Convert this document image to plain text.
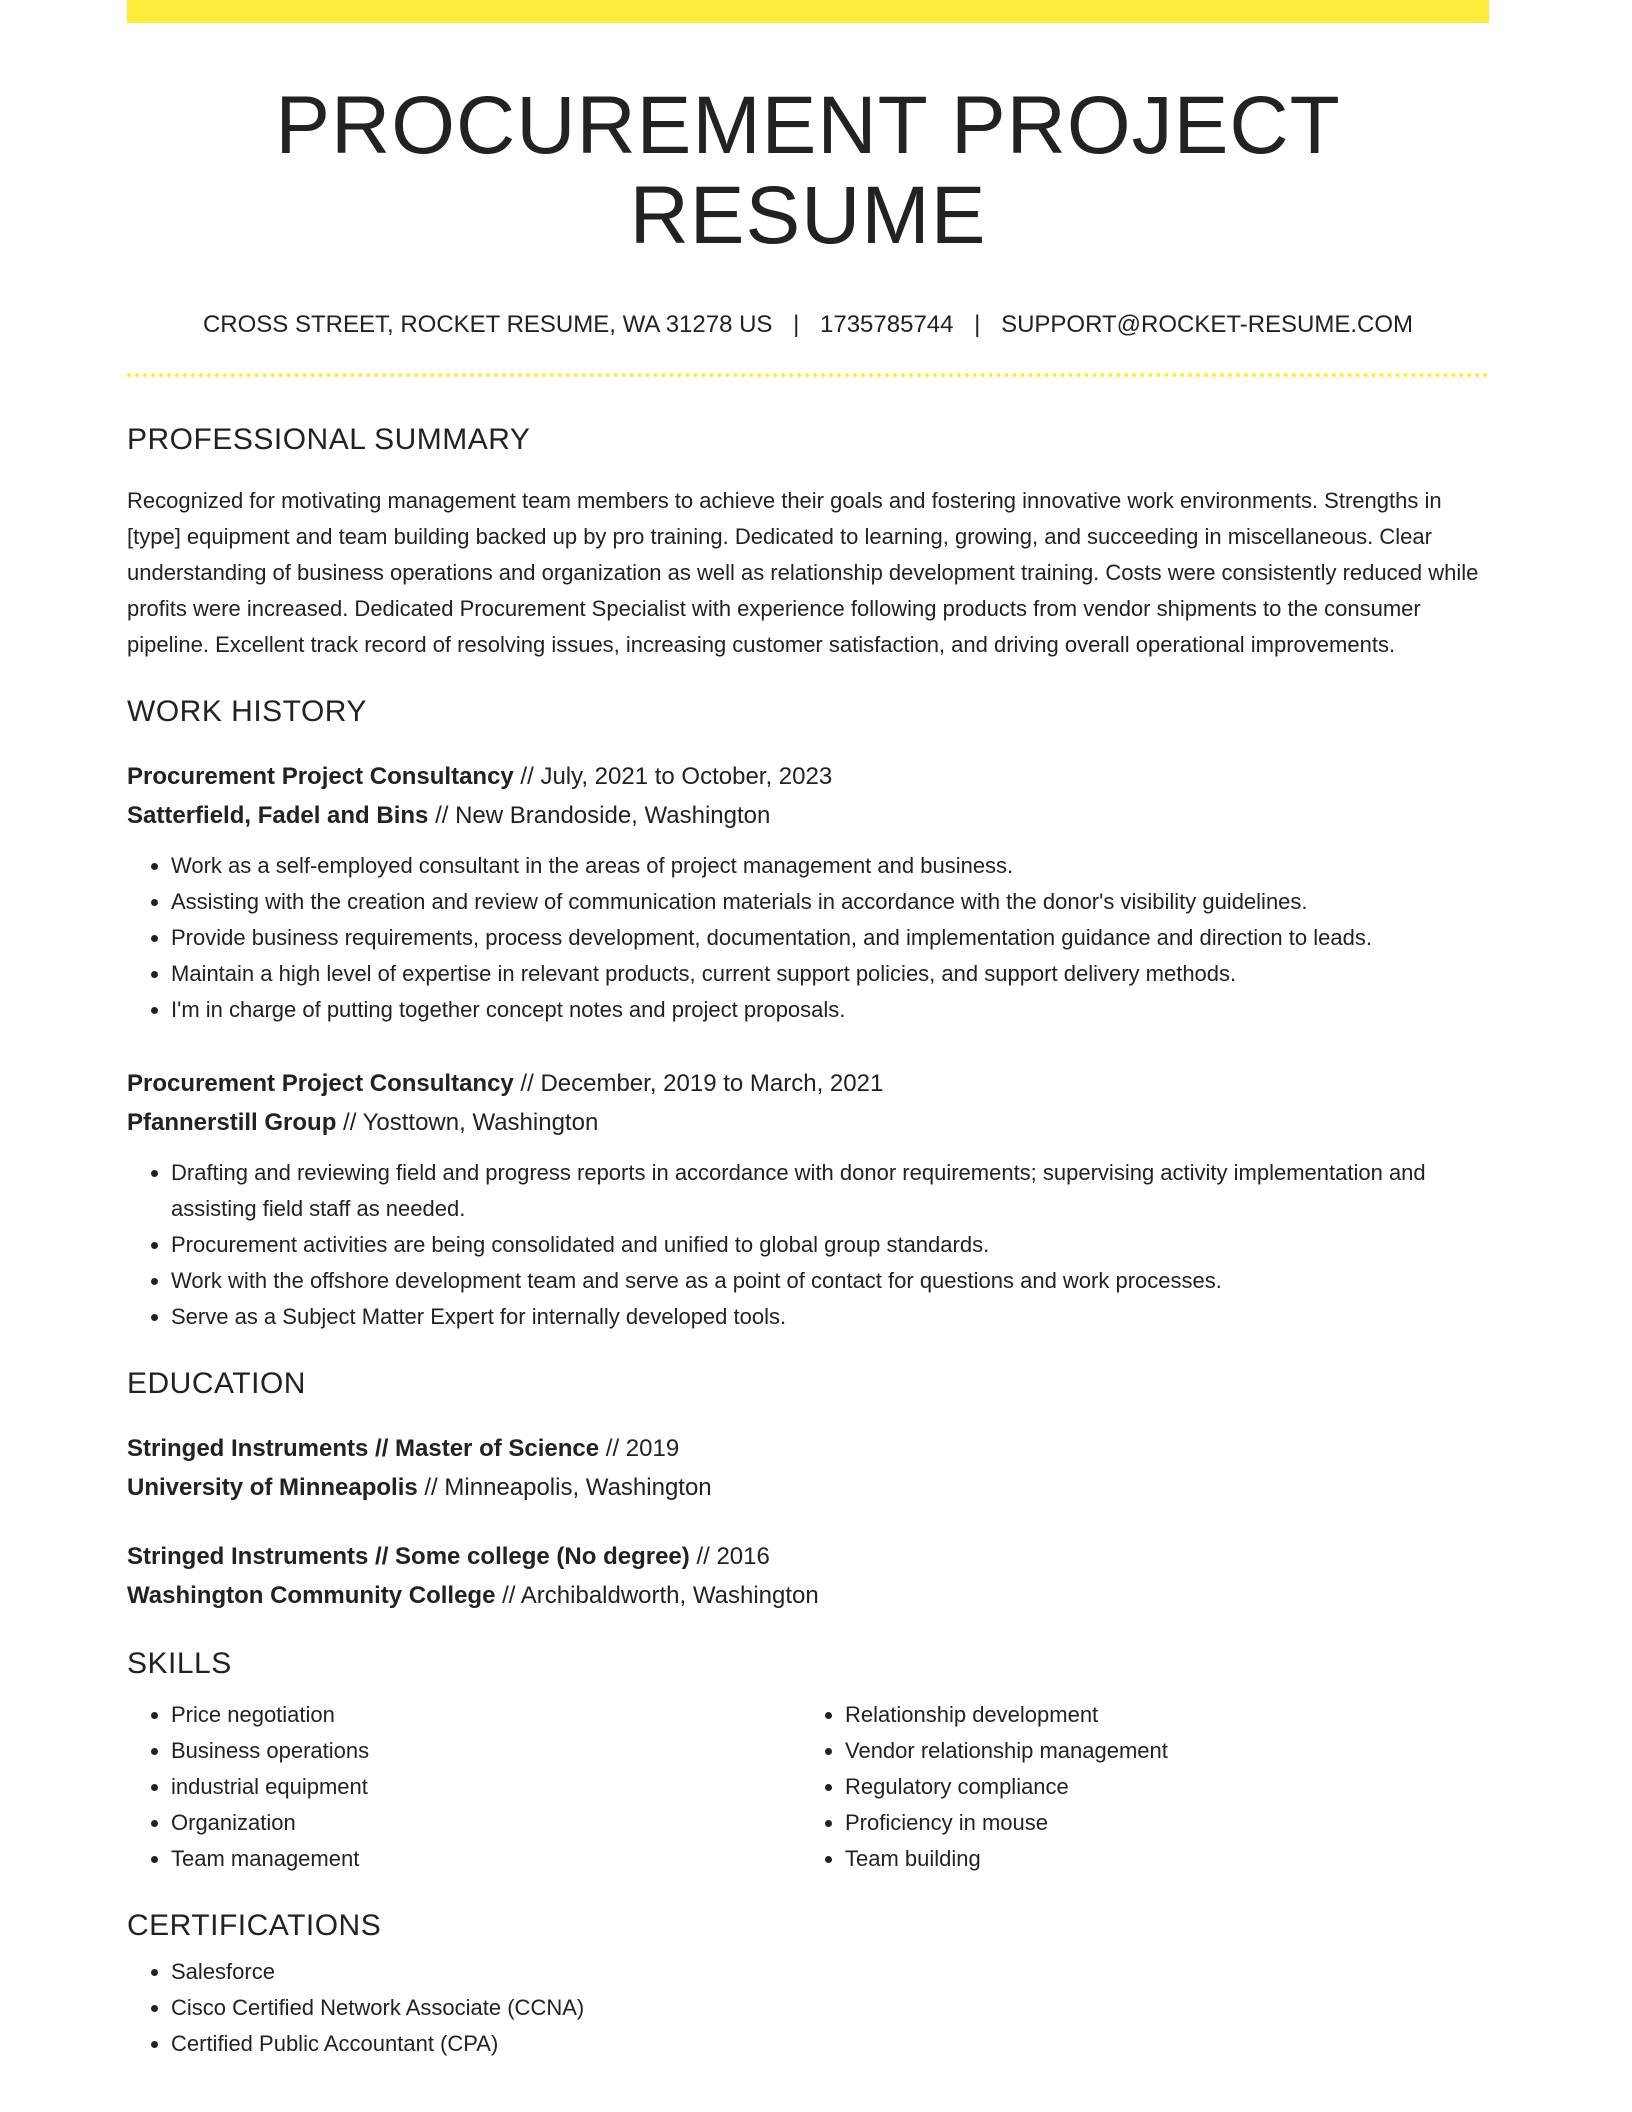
PROCUREMENT PROJECT RESUME
CROSS STREET, ROCKET RESUME, WA 31278 US | 1735785744 | SUPPORT@ROCKET-RESUME.COM
PROFESSIONAL SUMMARY

Recognized for motivating management team members to achieve their goals and fostering innovative work environments. Strengths in [type] equipment and team building backed up by pro training. Dedicated to learning, growing, and succeeding in miscellaneous. Clear understanding of business operations and organization as well as relationship development training. Costs were consistently reduced while profits were increased. Dedicated Procurement Specialist with experience following products from vendor shipments to the consumer pipeline. Excellent track record of resolving issues, increasing customer satisfaction, and driving overall operational improvements.

WORK HISTORY
Procurement Project Consultancy // July, 2021 to October, 2023
Satterfield, Fadel and Bins // New Brandoside, Washington
• Work as a self-employed consultant in the areas of project management and business.
• Assisting with the creation and review of communication materials in accordance with the donor's visibility guidelines.
• Provide business requirements, process development, documentation, and implementation guidance and direction to leads.
• Maintain a high level of expertise in relevant products, current support policies, and support delivery methods.
• I'm in charge of putting together concept notes and project proposals.
Procurement Project Consultancy // December, 2019 to March, 2021
Pfannerstill Group // Yosttown, Washington
• Drafting and reviewing field and progress reports in accordance with donor requirements; supervising activity implementation and assisting field staff as needed.
• Procurement activities are being consolidated and unified to global group standards.
• Work with the offshore development team and serve as a point of contact for questions and work processes.
• Serve as a Subject Matter Expert for internally developed tools.
EDUCATION
Stringed Instruments // Master of Science // 2019
University of Minneapolis // Minneapolis, Washington
Stringed Instruments // Some college (No degree) // 2016
Washington Community College // Archibaldworth, Washington
SKILLS
• Price negotiation
• Business operations
• industrial equipment
• Organization
• Team management
• Relationship development
• Vendor relationship management
• Regulatory compliance
• Proficiency in mouse
• Team building
CERTIFICATIONS
• Salesforce
• Cisco Certified Network Associate (CCNA)
• Certified Public Accountant (CPA)
